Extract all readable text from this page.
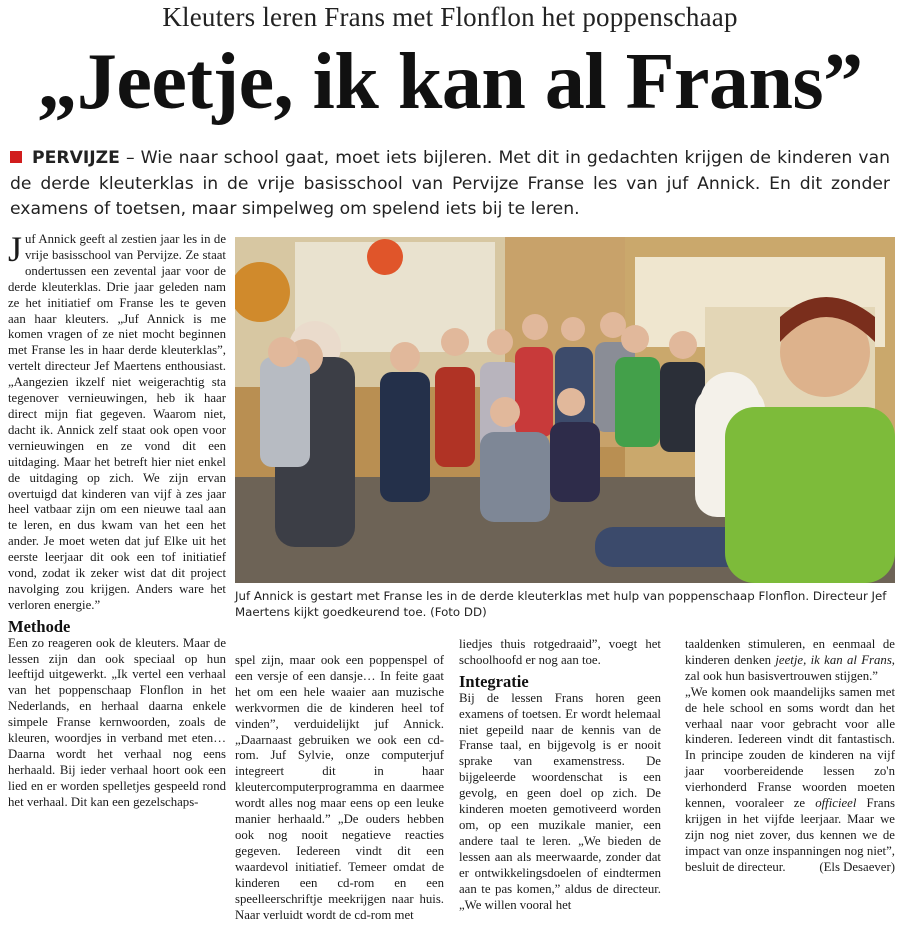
Kleuters leren Frans met Flonflon het poppenschaap
„Jeetje, ik kan al Frans”
PERVIJZE – Wie naar school gaat, moet iets bijleren. Met dit in gedachten krijgen de kinderen van de derde kleuterklas in de vrije basisschool van Pervijze Franse les van juf Annick. En dit zonder examens of toetsen, maar simpelweg om spelend iets bij te leren.
J uf Annick geeft al zestien jaar les in de vrije basisschool van Pervijze. Ze staat ondertussen een zevental jaar voor de derde kleuterklas. Drie jaar geleden nam ze het initiatief om Franse les te geven aan haar kleuters. „Juf Annick is me komen vragen of ze niet mocht beginnen met Franse les in haar derde kleuterklas”, vertelt directeur Jef Maertens enthousiast. „Aangezien ikzelf niet weigerachtig sta tegenover vernieuwingen, heb ik haar direct mijn fiat gegeven. Waarom niet, dacht ik. Annick zelf staat ook open voor vernieuwingen en ze vond dit een uitdaging. Maar het betreft hier niet enkel de uitdaging op zich. We zijn ervan overtuigd dat kinderen van vijf à zes jaar heel vatbaar zijn om een nieuwe taal aan te leren, en dus kwam van het een het ander. Je moet weten dat juf Elke uit het eerste leerjaar dit ook een tof initiatief vond, zodat ik zeker wist dat dit project navolging zou krijgen. Anders ware het verloren energie.”

Methode

Een zo reageren ook de kleuters. Maar de lessen zijn dan ook speciaal op hun leeftijd uitgewerkt. „Ik vertel een verhaal van het poppenschaap Flonflon in het Nederlands, en herhaal daarna enkele simpele Franse kernwoorden, zoals de kleuren, woordjes in verband met eten… Daarna wordt het verhaal nog eens herhaald. Bij ieder verhaal hoort ook een lied en er worden spelletjes gespeeld rond het verhaal. Dit kan een gezelschaps-

Juf Annick is gestart met Franse les in de derde kleuterklas met hulp van poppenschaap Flonflon. Directeur Jef Maertens kijkt goedkeurend toe. (Foto DD)

spel zijn, maar ook een poppenspel of een versje of een dansje… In feite gaat het om een hele waaier aan muzische werkvormen die de kinderen heel tof vinden”, verduidelijkt juf Annick. „Daarnaast gebruiken we ook een cd-rom. Juf Sylvie, onze computerjuf integreert dit in haar kleutercomputerprogramma en daarmee wordt alles nog maar eens op een leuke manier herhaald.” „De ouders hebben ook nog nooit negatieve reacties gegeven. Iedereen vindt dit een waardevol initiatief. Temeer omdat de kinderen een cd-rom en een speelleerschriftje meekrijgen naar huis. Naar verluidt wordt de cd-rom met

liedjes thuis rotgedraaid”, voegt het schoolhoofd er nog aan toe.

Integratie

Bij de lessen Frans horen geen examens of toetsen. Er wordt helemaal niet gepeild naar de kennis van de Franse taal, en bijgevolg is er nooit sprake van examenstress. De bijgeleerde woordenschat is een gevolg, en geen doel op zich. De kinderen moeten gemotiveerd worden om, op een muzikale manier, een andere taal te leren. „We bieden de lessen aan als meerwaarde, zonder dat er ontwikkelingsdoelen of eindtermen aan te pas komen,” aldus de directeur. „We willen vooral het

taaldenken stimuleren, en eenmaal de kinderen denken jeetje, ik kan al Frans, zal ook hun basisvertrouwen stijgen.”

„We komen ook maandelijks samen met de hele school en soms wordt dan het verhaal naar voor gebracht voor alle kinderen. Iedereen vindt dit fantastisch. In principe zouden de kinderen na vijf jaar voorbereidende lessen zo'n vierhonderd Franse woorden moeten kennen, vooraleer ze officieel Frans krijgen in het vijfde leerjaar. Maar we zijn nog niet zover, dus kennen we de impact van onze inspanningen nog niet”, besluit de directeur.	(Els Desaever)
